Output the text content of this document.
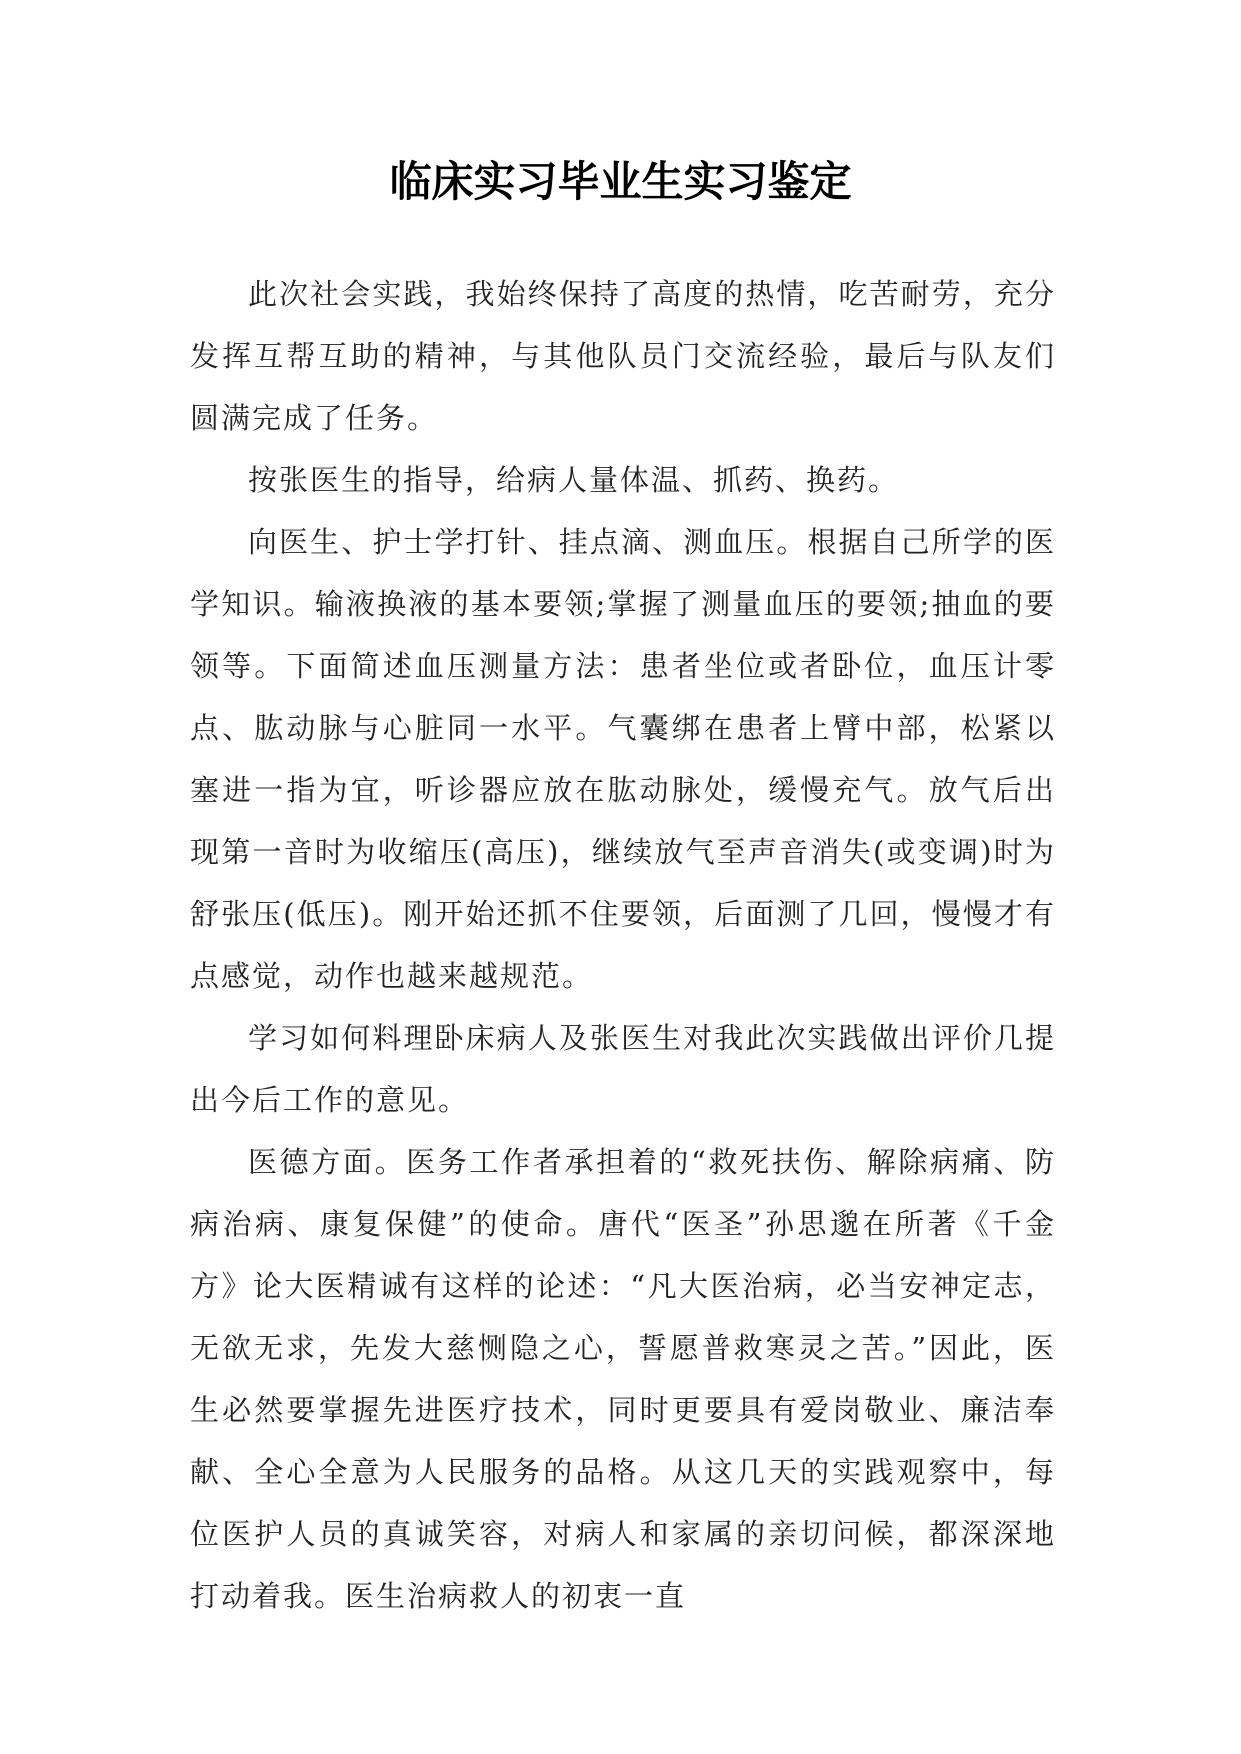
临床实习毕业生实习鉴定

此次社会实践，我始终保持了高度的热情，吃苦耐劳，充分发挥互帮互助的精神，与其他队员门交流经验，最后与队友们圆满完成了任务。

按张医生的指导，给病人量体温、抓药、换药。

向医生、护士学打针、挂点滴、测血压。根据自己所学的医学知识。输液换液的基本要领;掌握了测量血压的要领;抽血的要领等。下面简述血压测量方法：患者坐位或者卧位，血压计零点、肱动脉与心脏同一水平。气囊绑在患者上臂中部，松紧以塞进一指为宜，听诊器应放在肱动脉处，缓慢充气。放气后出现第一音时为收缩压(高压)，继续放气至声音消失(或变调)时为舒张压(低压)。刚开始还抓不住要领，后面测了几回，慢慢才有点感觉，动作也越来越规范。

学习如何料理卧床病人及张医生对我此次实践做出评价几提出今后工作的意见。

医德方面。医务工作者承担着的“救死扶伤、解除病痛、防病治病、康复保健”的使命。唐代“医圣”孙思邈在所著《千金方》论大医精诚有这样的论述：“凡大医治病，必当安神定志，无欲无求，先发大慈恻隐之心，誓愿普救寒灵之苦。”因此，医生必然要掌握先进医疗技术，同时更要具有爱岗敬业、廉洁奉献、全心全意为人民服务的品格。从这几天的实践观察中，每位医护人员的真诚笑容，对病人和家属的亲切问候，都深深地打动着我。医生治病救人的初衷一直
